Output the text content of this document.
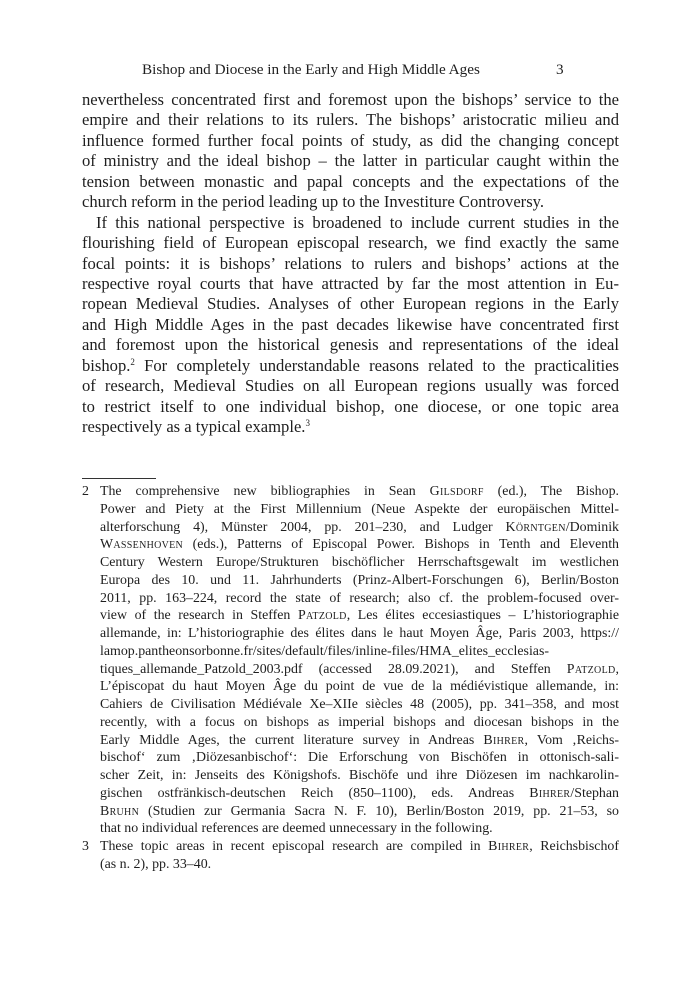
Bishop and Diocese in the Early and High Middle Ages	3
nevertheless concentrated first and foremost upon the bishops’ service to the
empire and their relations to its rulers. The bishops’ aristocratic milieu and
influence formed further focal points of study, as did the changing concept
of ministry and the ideal bishop – the latter in particular caught within the
tension between monastic and papal concepts and the expectations of the
church reform in the period leading up to the Investiture Controversy.
If this national perspective is broadened to include current studies in the
flourishing field of European episcopal research, we find exactly the same
focal points: it is bishops’ relations to rulers and bishops’ actions at the
respective royal courts that have attracted by far the most attention in Eu-
ropean Medieval Studies. Analyses of other European regions in the Early
and High Middle Ages in the past decades likewise have concentrated first
and foremost upon the historical genesis and representations of the ideal
bishop.$^2$ For completely understandable reasons related to the practicalities
of research, Medieval Studies on all European regions usually was forced
to restrict itself to one individual bishop, one diocese, or one topic area
respectively as a typical example.$^3$
2 The comprehensive new bibliographies in Sean Gilsdorf (ed.), The Bishop.
Power and Piety at the First Millennium (Neue Aspekte der europäischen Mittel-
alterforschung 4), Münster 2004, pp. 201–230, and Ludger Körntgen/Dominik
Wassenhoven (eds.), Patterns of Episcopal Power. Bishops in Tenth and Eleventh
Century Western Europe/Strukturen bischöflicher Herrschaftsgewalt im westlichen
Europa des 10. und 11. Jahrhunderts (Prinz-Albert-Forschungen 6), Berlin/Boston
2011, pp. 163–224, record the state of research; also cf. the problem-focused over-
view of the research in Steffen Patzold, Les élites eccesiastiques – L’historiographie
allemande, in: L’historiographie des élites dans le haut Moyen Âge, Paris 2003, https://
lamop.pantheonsorbonne.fr/sites/default/files/inline-files/HMA_elites_ecclesias-
tiques_allemande_Patzold_2003.pdf (accessed 28.09.2021), and Steffen Patzold,
L’épiscopat du haut Moyen Âge du point de vue de la médiévistique allemande, in:
Cahiers de Civilisation Médiévale Xe–XIIe siècles 48 (2005), pp. 341–358, and most
recently, with a focus on bishops as imperial bishops and diocesan bishops in the
Early Middle Ages, the current literature survey in Andreas Bihrer, Vom ‚Reichs-
bischof‘ zum ‚Diözesanbischof‘: Die Erforschung von Bischöfen in ottonisch-sali-
scher Zeit, in: Jenseits des Königshofs. Bischöfe und ihre Diözesen im nachkarolin-
gischen ostfränkisch-deutschen Reich (850–1100), eds. Andreas Bihrer/Stephan
Bruhn (Studien zur Germania Sacra N. F. 10), Berlin/Boston 2019, pp. 21–53, so
that no individual references are deemed unnecessary in the following.
3 These topic areas in recent episcopal research are compiled in Bihrer, Reichsbischof
(as n. 2), pp. 33–40.
